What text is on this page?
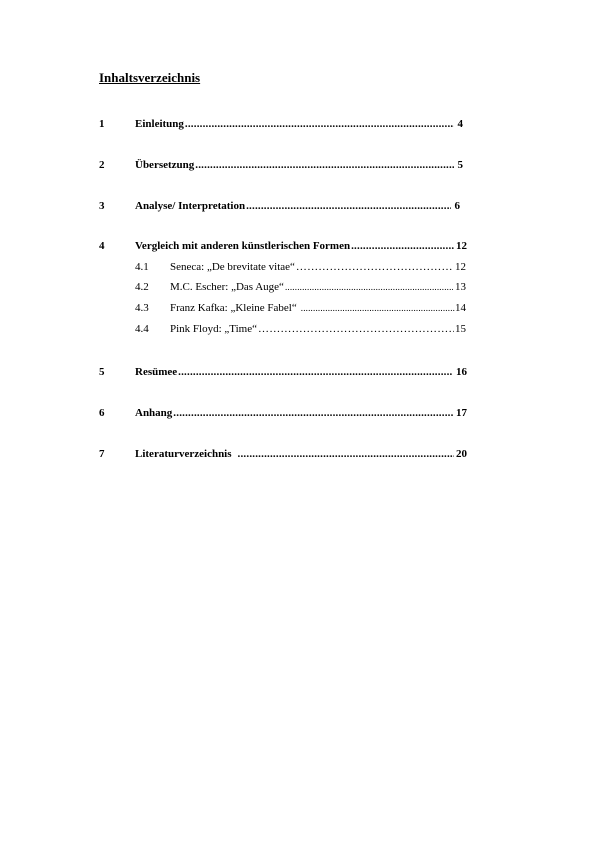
Inhaltsverzeichnis
1	Einleitung .....	4
2	Übersetzung .....	5
3	Analyse/ Interpretation .....	6
4	Vergleich mit anderen künstlerischen Formen .....	12
4.1	Seneca: „De brevitate vitae“ ……………………………………………………………………………………………………………………………………	12
4.2	M.C. Escher: „Das Auge“ .....	13
4.3	Franz Kafka: „Kleine Fabel“ .....	14
4.4	Pink Floyd: „Time“ ……………………………………………………………………………………………………………………………………	15
5	Resümee .....	16
6	Anhang .....	17
7	Literaturverzeichnis .....	20
